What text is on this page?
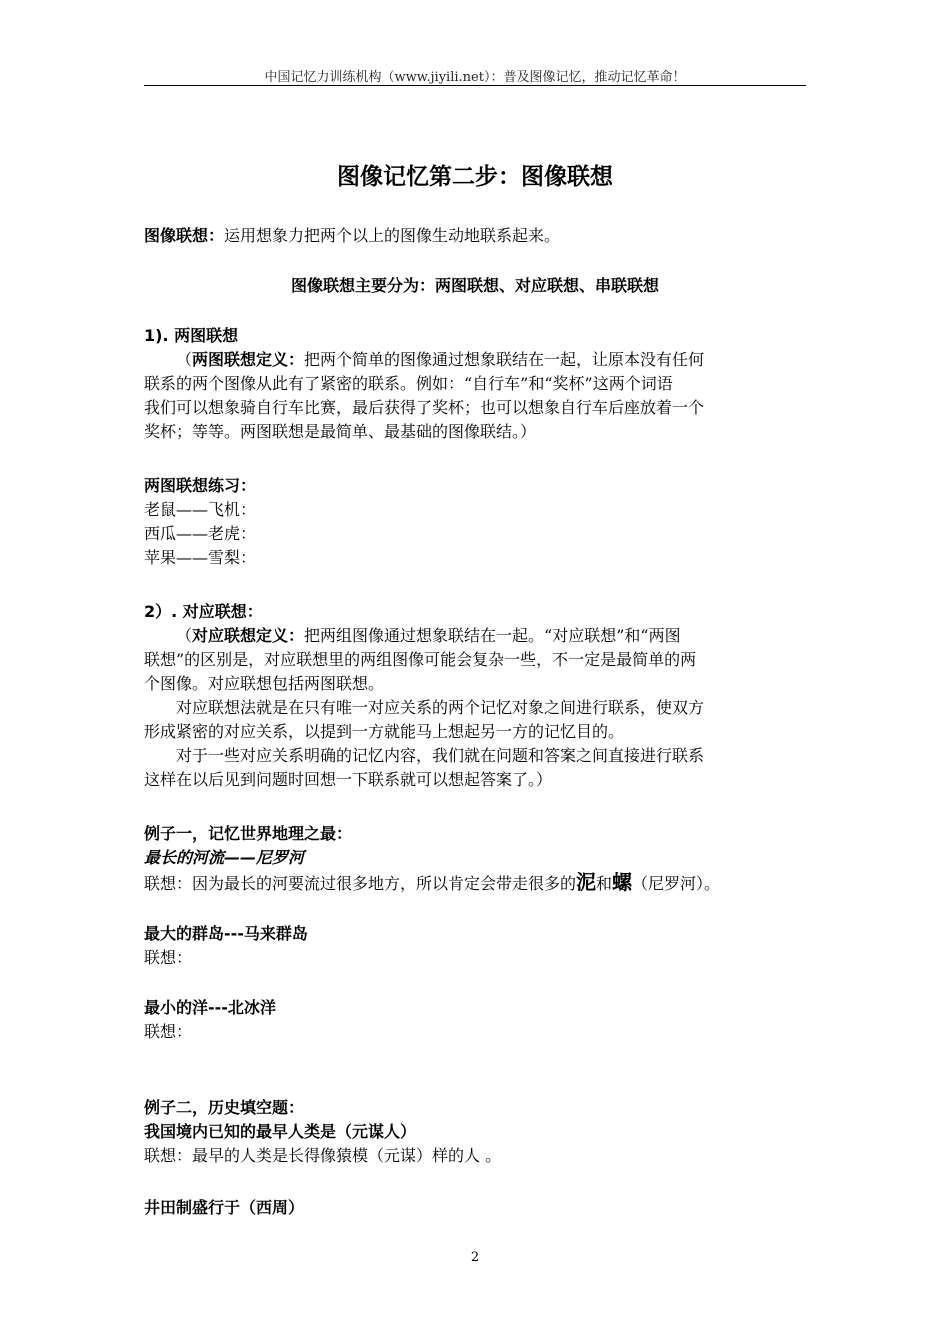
中国记忆力训练机构（www.jiyili.net）：普及图像记忆，推动记忆革命！
图像记忆第二步：图像联想
图像联想：运用想象力把两个以上的图像生动地联系起来。
图像联想主要分为：两图联想、对应联想、串联联想
1). 两图联想
（两图联想定义：把两个简单的图像通过想象联结在一起，让原本没有任何
联系的两个图像从此有了紧密的联系。例如：“自行车”和“奖杯”这两个词语
我们可以想象骑自行车比赛，最后获得了奖杯；也可以想象自行车后座放着一个
奖杯；等等。两图联想是最简单、最基础的图像联结。）
两图联想练习：
老鼠——飞机：
西瓜——老虎：
苹果——雪梨：
2）. 对应联想：
（对应联想定义：把两组图像通过想象联结在一起。“对应联想”和“两图
联想”的区别是，对应联想里的两组图像可能会复杂一些，不一定是最简单的两
个图像。对应联想包括两图联想。
对应联想法就是在只有唯一对应关系的两个记忆对象之间进行联系，使双方
形成紧密的对应关系，以提到一方就能马上想起另一方的记忆目的。
对于一些对应关系明确的记忆内容，我们就在问题和答案之间直接进行联系
这样在以后见到问题时回想一下联系就可以想起答案了。）
例子一，记忆世界地理之最：
最长的河流——尼罗河
联想：因为最长的河要流过很多地方，所以肯定会带走很多的泥和螺（尼罗河）。
最大的群岛---马来群岛
联想：
最小的洋---北冰洋
联想：
例子二，历史填空题：
我国境内已知的最早人类是（元谋人）
联想：最早的人类是长得像猿模（元谋）样的人 。
井田制盛行于（西周）
2
